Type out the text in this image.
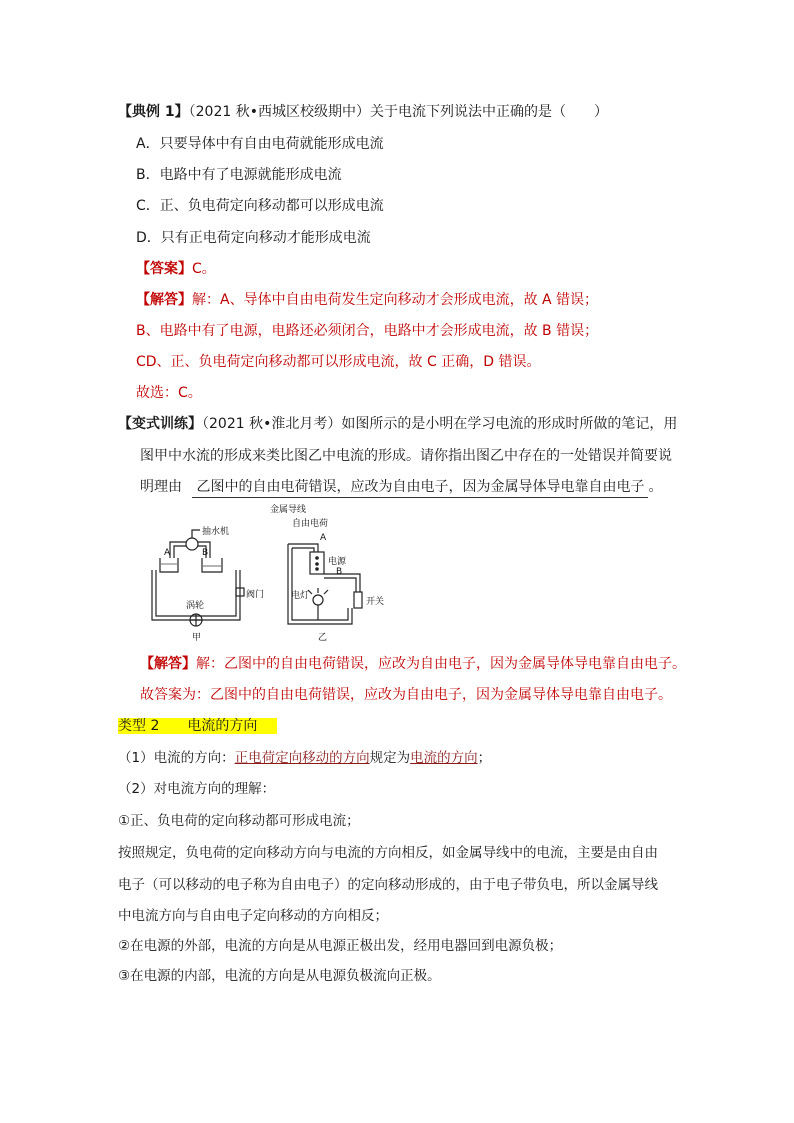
【典例 1】（2021 秋•西城区校级期中）关于电流下列说法中正确的是（　　）
A．只要导体中有自由电荷就能形成电流
B．电路中有了电源就能形成电流
C．正、负电荷定向移动都可以形成电流
D．只有正电荷定向移动才能形成电流
【答案】C。
【解答】解：A、导体中自由电荷发生定向移动才会形成电流，故 A 错误；
B、电路中有了电源，电路还必须闭合，电路中才会形成电流，故 B 错误；
CD、正、负电荷定向移动都可以形成电流，故 C 正确，D 错误。
故选：C。
【变式训练】（2021 秋•淮北月考）如图所示的是小明在学习电流的形成时所做的笔记，用
图甲中水流的形成来类比图乙中电流的形成。请你指出图乙中存在的一处错误并简要说
明理由 乙图中的自由电荷错误，应改为自由电子，因为金属导体导电靠自由电子 。
抽水机
A	B
涡轮
阀门
甲
金属导线
自由电荷
A
电源
B
电灯
开关
乙
【解答】解：乙图中的自由电荷错误，应改为自由电子，因为金属导体导电靠自由电子。
故答案为：乙图中的自由电荷错误，应改为自由电子，因为金属导体导电靠自由电子。
类型 2　　电流的方向
（1）电流的方向：正电荷定向移动的方向规定为电流的方向；
（2）对电流方向的理解：
①正、负电荷的定向移动都可形成电流；
按照规定，负电荷的定向移动方向与电流的方向相反，如金属导线中的电流，主要是由自由
电子（可以移动的电子称为自由电子）的定向移动形成的，由于电子带负电，所以金属导线
中电流方向与自由电子定向移动的方向相反；
②在电源的外部，电流的方向是从电源正极出发，经用电器回到电源负极；
③在电源的内部，电流的方向是从电源负极流向正极。
